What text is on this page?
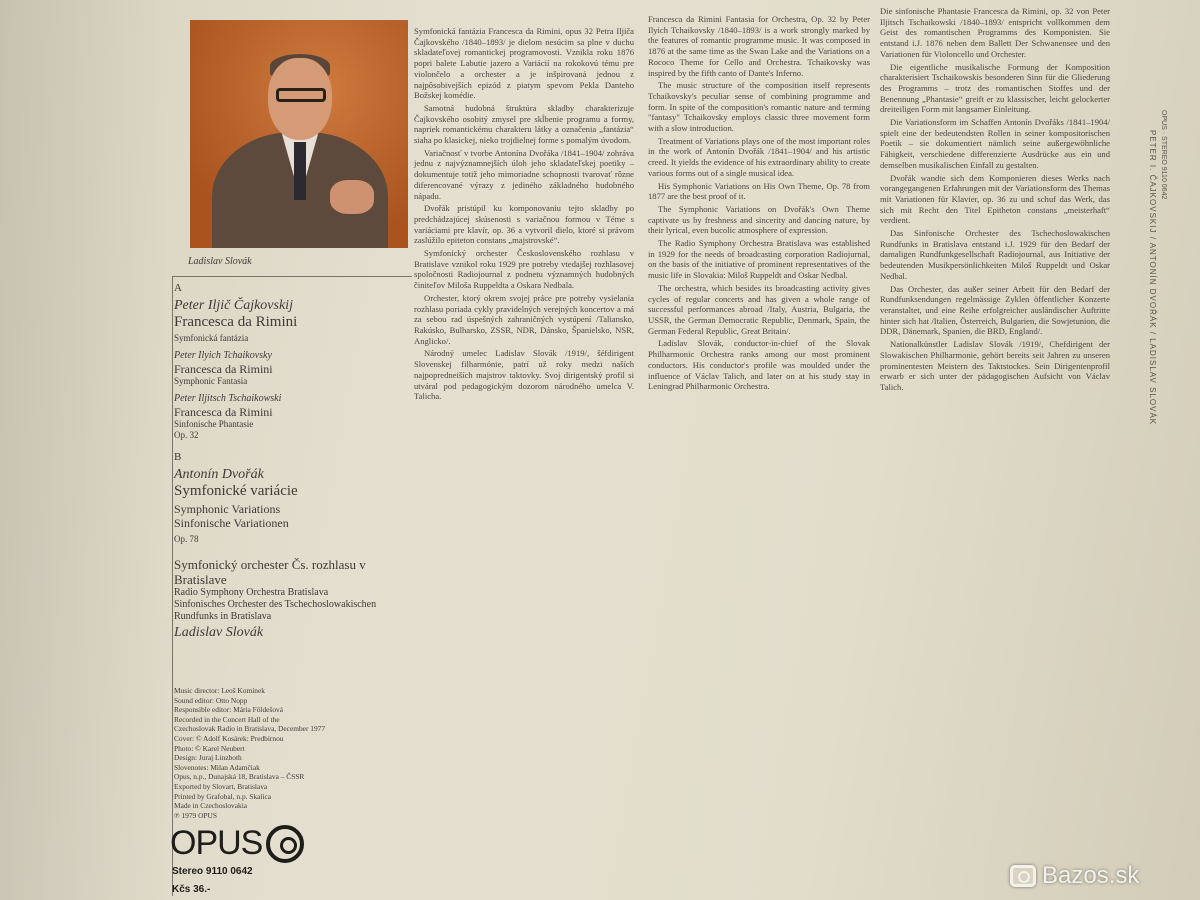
Ladislav Slovák
A
Peter Iljič Čajkovskij
Francesca da Rimini
Symfonická fantázia
Peter Ilyich Tchaikovsky
Francesca da Rimini
Symphonic Fantasia
Peter Iljitsch Tschaikowski
Francesca da Rimini
Sinfonische Phantasie
Op. 32
B
Antonín Dvořák
Symfonické variácie
Symphonic Variations
Sinfonische Variationen
Op. 78
Symfonický orchester Čs. rozhlasu v Bratislave
Radio Symphony Orchestra Bratislava
Sinfonisches Orchester des Tschechoslowakischen Rundfunks in Bratislava
Ladislav Slovák
Music director: Leoš Komínek
Sound editor: Otto Nopp
Responsible editor: Mária Földešová
Recorded in the Concert Hall of the
Czechoslovak Radio in Bratislava, December 1977
Cover: © Adolf Kosárek: Predbirnou
Photo: © Karel Neubert
Design: Juraj Linzboth
Slovenotes: Milan Adamčiak
Opus, n.p., Dunajská 18, Bratislava – ČSSR
Exported by Slovart, Bratislava
Printed by Grafobal, n.p. Skalica
Made in Czechoslovakia
℗ 1979 OPUS
OPUS
Stereo 9110 0642
Kčs 36.-

Symfonická fantázia Francesca da Rimini, opus 32 Petra Iljiča Čajkovského /1840–1893/ je dielom nesúcim sa plne v duchu skladateľovej romantickej programovosti. Vznikla roku 1876 popri balete Labutie jazero a Variácií na rokokovú tému pre violončelo a orchester a je inšpirovaná jednou z najpôsobivejších epizód z piatym spevom Pekla Danteho Božskej komédie.

Samotná hudobná štruktúra skladby charakterizuje Čajkovského osobitý zmysel pre skĺbenie programu a formy, napriek romantickému charakteru látky a označenia „fantázia“ siaha po klasickej, nieko trojdielnej forme s pomalým úvodom.

Variačnosť v tvorbe Antonína Dvořáka /1841–1904/ zohráva jednu z najvýznamnejších úloh jeho skladateľskej poetiky – dokumentuje totiž jeho mimoriadne schopnosti tvarovať rôzne diferencované výrazy z jediného základného hudobného nápadu.

Dvořák pristúpil ku komponovaniu tejto skladby po predchádzajúcej skúsenosti s variačnou formou v Téme s variáciami pre klavír, op. 36 a vytvoril dielo, ktoré si právom zaslúžilo epiteton constans „majstrovské“.

Symfonický orchester Československého rozhlasu v Bratislave vznikol roku 1929 pre potreby vtedajšej rozhlasovej spoločnosti Radiojournal z podnetu významných hudobných činiteľov Miloša Ruppeldta a Oskara Nedbala.

Orchester, ktorý okrem svojej práce pre potreby vysielania rozhlasu poriada cykly pravidelných verejných koncertov a má za sebou rad úspešných zahraničných vystúpení /Taliansko, Rakúsko, Bulharsko, ZSSR, NDR, Dánsko, Španielsko, NSR, Anglicko/.

Národný umelec Ladislav Slovák /1919/, šéfdirigent Slovenskej filharmónie, patrí už roky medzi naších najpopredneiších majstrov taktovky. Svoj dirigentský profil si utváral pod pedagogickým dozorom národného umelca V. Talicha.

Francesca da Rimini Fantasia for Orchestra, Op. 32 by Peter Ilyich Tchaikovsky /1840–1893/ is a work strongly marked by the features of romantic programme music. It was composed in 1876 at the same time as the Swan Lake and the Variations on a Rococo Theme for Cello and Orchestra. Tchaikovsky was inspired by the fifth canto of Dante's Inferno.

The music structure of the composition itself represents Tchaikovsky's peculiar sense of combining programme and form. In spite of the composition's romantic nature and terming "fantasy" Tchaikovsky employs classic three movement form with a slow introduction.

Treatment of Variations plays one of the most important roles in the work of Antonín Dvořák /1841–1904/ and his artistic creed. It yields the evidence of his extraordinary ability to create various forms out of a single musical idea.

His Symphonic Variations on His Own Theme, Op. 78 from 1877 are the best proof of it.

The Symphonic Variations on Dvořák's Own Theme captivate us by freshness and sincerity and dancing nature, by their lyrical, even bucolic atmosphere of expression.

The Radio Symphony Orchestra Bratislava was established in 1929 for the needs of broadcasting corporation Radiojurnal, on the basis of the initiative of prominent representatives of the music life in Slovakia: Miloš Ruppeldt and Oskar Nedbal.

The orchestra, which besides its broadcasting activity gives cycles of regular concerts and has given a whole range of successful performances abroad /Italy, Austria, Bulgaria, the USSR, the German Democratic Republic, Denmark, Spain, the German Federal Republic, Great Britain/.

Ladislav Slovák, conductor-in-chief of the Slovak Philharmonic Orchestra ranks among our most prominent conductors. His conductor's profile was moulded under the influence of Václav Talich, and later on at his study stay in Leningrad Philharmonic Orchestra.

Die sinfonische Phantasie Francesca da Rimini, op. 32 von Peter Iljitsch Tschaikowski /1840–1893/ entspricht vollkommen dem Geist des romantischen Programms des Komponisten. Sie entstand i.J. 1876 neben dem Ballett Der Schwanensee und den Variationen für Violoncello und Orchester.

Die eigentliche musikalische Formung der Komposition charakterisiert Tschaikowskis besonderen Sinn für die Gliederung des Programms – trotz des romantischen Stoffes und der Benennung „Phantasie“ greift er zu klassischer, leicht gelockerter dreiteiligen Form mit langsamer Einleitung.

Die Variationsform im Schaffen Antonín Dvořáks /1841–1904/ spielt eine der bedeutendsten Rollen in seiner kompositorischen Poetik – sie dokumentiert nämlich seine außergewöhnliche Fähigkeit, verschiedene differenzierte Ausdrücke aus ein und demselben musikalischen Einfall zu gestalten.

Dvořák wandte sich dem Komponieren dieses Werks nach vorangegangenen Erfahrungen mit der Variationsform des Themas mit Variationen für Klavier, op. 36 zu und schuf das Werk, das sich mit Recht den Titel Epitheton constans „meisterhaft“ verdient.

Das Sinfonische Orchester des Tschechoslowakischen Rundfunks in Bratislava entstand i.J. 1929 für den Bedarf der damaligen Rundfunkgesellschaft Radiojournal, aus Initiative der bedeutenden Musikpersönlichkeiten Miloš Ruppeldt und Oskar Nedbal.

Das Orchester, das außer seiner Arbeit für den Bedarf der Rundfunksendungen regelmässige Zyklen öffentlicher Konzerte veranstaltet, und eine Reihe erfolgreicher ausländischer Auftritte hinter sich hat /Italien, Österreich, Bulgarien, die Sowjetunion, die DDR, Dänemark, Spanien, die BRD, England/.

Nationalkünstler Ladislav Slovák /1919/, Chefdirigent der Slowakischen Philharmonie, gehört bereits seit Jahren zu unseren prominentesten Meistern des Taktstockes. Sein Dirigentenprofil erwarb er sich unter der pädagogischen Aufsicht von Václav Talich.	PETER I. ČAJKOVSKIJ / ANTONÍN DVOŘÁK / LADISLAV SLOVÁK OPUS · STEREO 9110 0642
Bazos.sk
